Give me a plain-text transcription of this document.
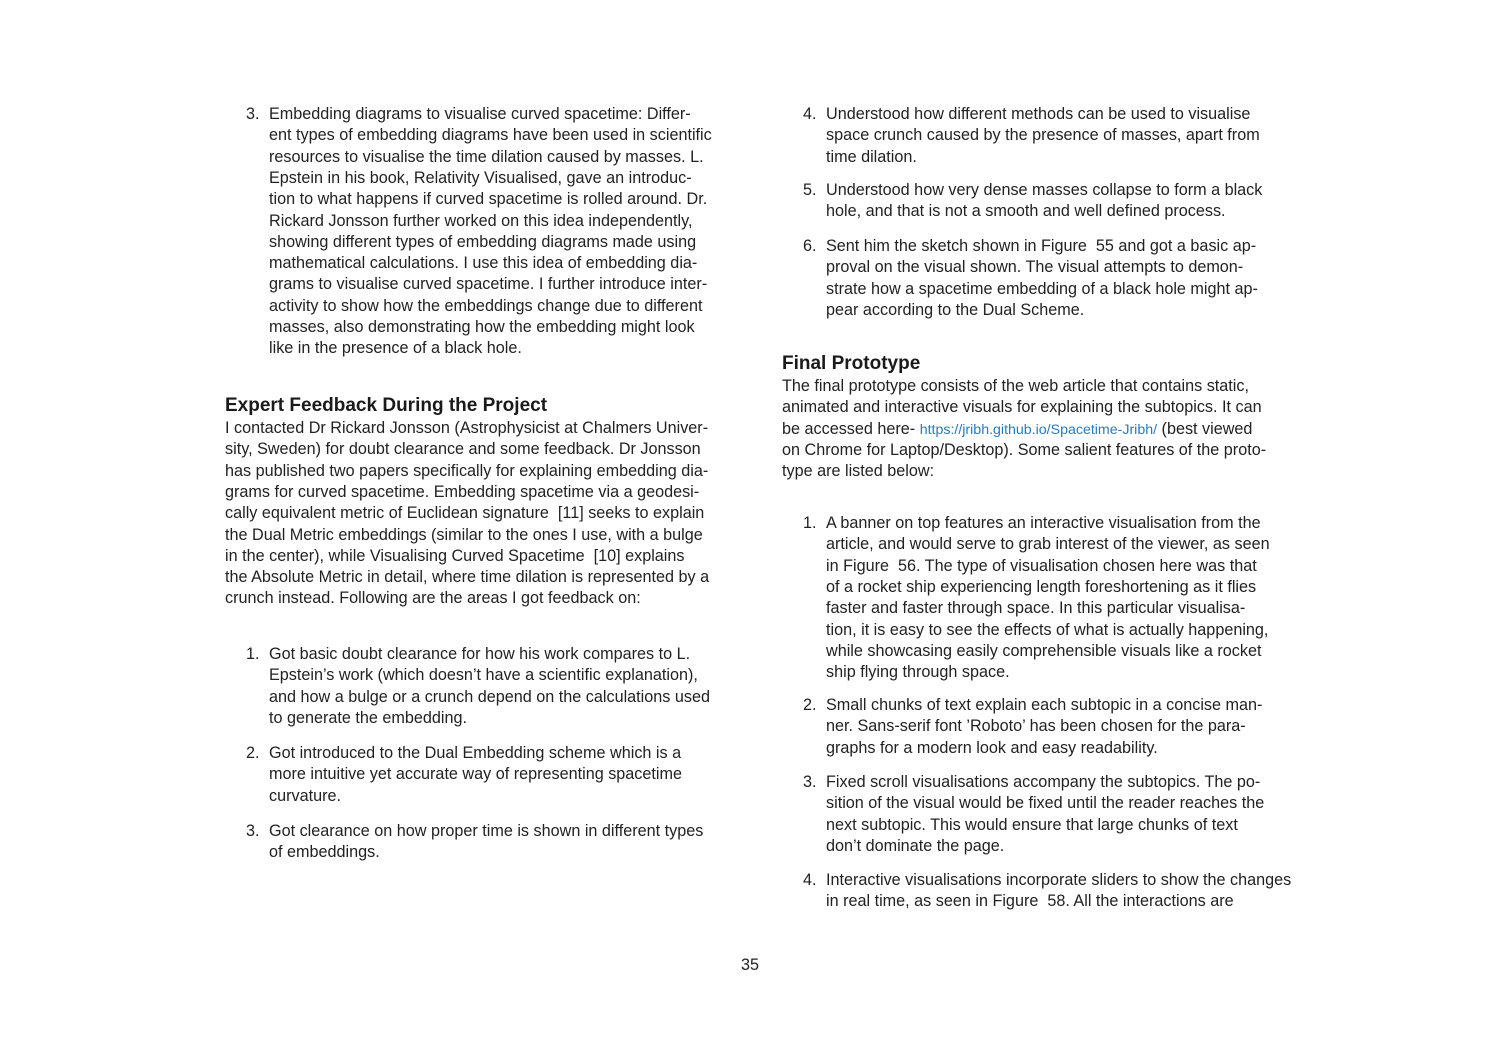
3. Embedding diagrams to visualise curved spacetime: Differ-
ent types of embedding diagrams have been used in scientific
resources to visualise the time dilation caused by masses. L.
Epstein in his book, Relativity Visualised, gave an introduc-
tion to what happens if curved spacetime is rolled around. Dr.
Rickard Jonsson further worked on this idea independently,
showing different types of embedding diagrams made using
mathematical calculations. I use this idea of embedding dia-
grams to visualise curved spacetime. I further introduce inter-
activity to show how the embeddings change due to different
masses, also demonstrating how the embedding might look
like in the presence of a black hole.
Expert Feedback During the Project
I contacted Dr Rickard Jonsson (Astrophysicist at Chalmers Univer-
sity, Sweden) for doubt clearance and some feedback. Dr Jonsson
has published two papers specifically for explaining embedding dia-
grams for curved spacetime. Embedding spacetime via a geodesi-
cally equivalent metric of Euclidean signature  [11] seeks to explain
the Dual Metric embeddings (similar to the ones I use, with a bulge
in the center), while Visualising Curved Spacetime  [10] explains
the Absolute Metric in detail, where time dilation is represented by a
crunch instead. Following are the areas I got feedback on:
1. Got basic doubt clearance for how his work compares to L.
Epstein’s work (which doesn’t have a scientific explanation),
and how a bulge or a crunch depend on the calculations used
to generate the embedding.
2. Got introduced to the Dual Embedding scheme which is a
more intuitive yet accurate way of representing spacetime
curvature.
3. Got clearance on how proper time is shown in different types
of embeddings.
4. Understood how different methods can be used to visualise
space crunch caused by the presence of masses, apart from
time dilation.
5. Understood how very dense masses collapse to form a black
hole, and that is not a smooth and well defined process.
6. Sent him the sketch shown in Figure  55 and got a basic ap-
proval on the visual shown. The visual attempts to demon-
strate how a spacetime embedding of a black hole might ap-
pear according to the Dual Scheme.
Final Prototype
The final prototype consists of the web article that contains static,
animated and interactive visuals for explaining the subtopics. It can
be accessed here- https://jribh.github.io/Spacetime-Jribh/ (best viewed
on Chrome for Laptop/Desktop). Some salient features of the proto-
type are listed below:
1. A banner on top features an interactive visualisation from the
article, and would serve to grab interest of the viewer, as seen
in Figure  56. The type of visualisation chosen here was that
of a rocket ship experiencing length foreshortening as it flies
faster and faster through space. In this particular visualisa-
tion, it is easy to see the effects of what is actually happening,
while showcasing easily comprehensible visuals like a rocket
ship flying through space.
2. Small chunks of text explain each subtopic in a concise man-
ner. Sans-serif font ’Roboto’ has been chosen for the para-
graphs for a modern look and easy readability.
3. Fixed scroll visualisations accompany the subtopics. The po-
sition of the visual would be fixed until the reader reaches the
next subtopic. This would ensure that large chunks of text
don’t dominate the page.
4. Interactive visualisations incorporate sliders to show the changes
in real time, as seen in Figure  58. All the interactions are
35
